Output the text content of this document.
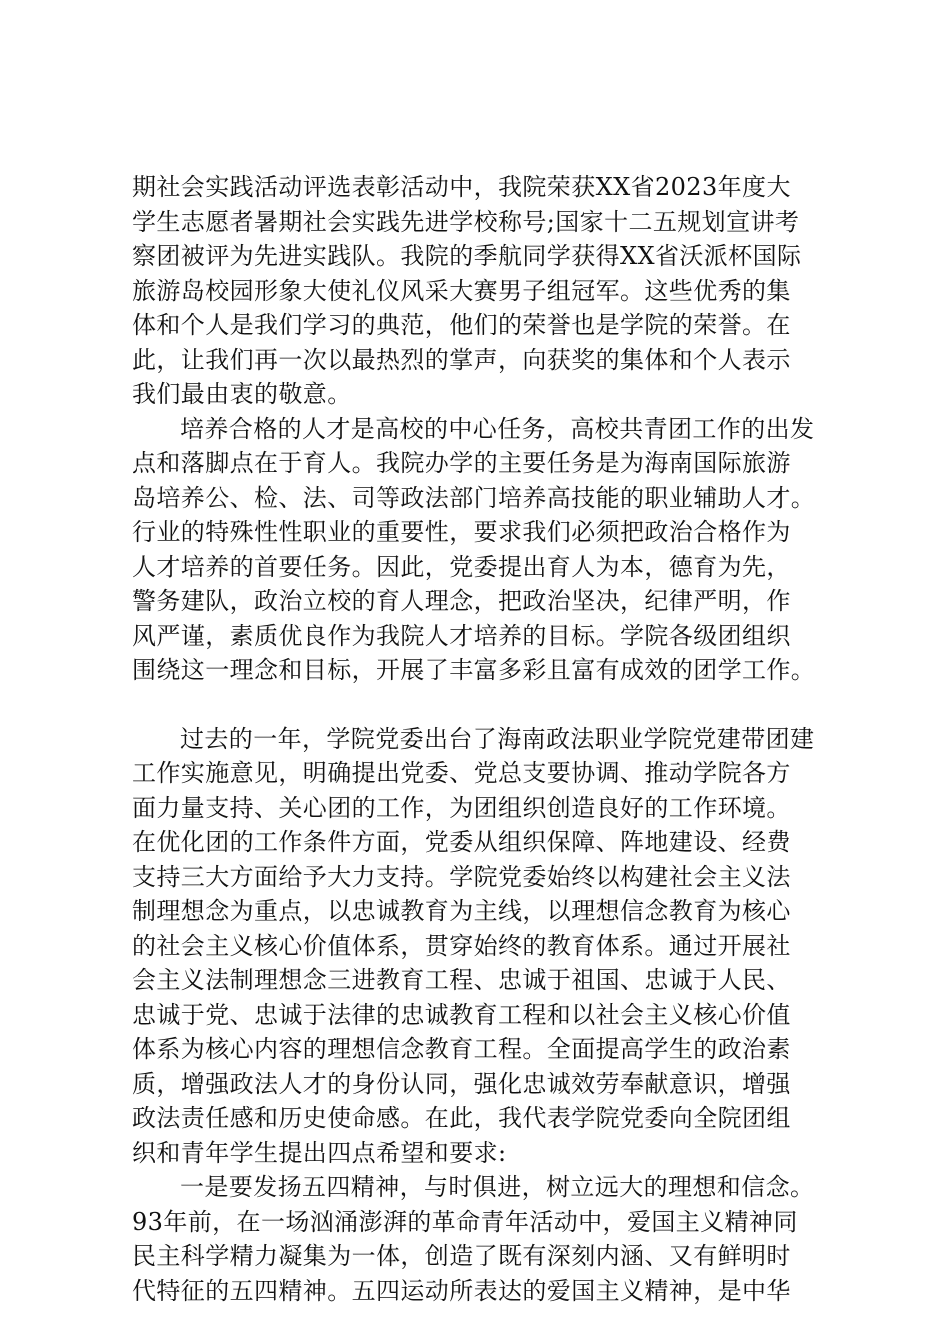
期社会实践活动评选表彰活动中，我院荣获XX省2023年度大
学生志愿者暑期社会实践先进学校称号;国家十二五规划宣讲考
察团被评为先进实践队。我院的季航同学获得XX省沃派杯国际
旅游岛校园形象大使礼仪风采大赛男子组冠军。这些优秀的集
体和个人是我们学习的典范，他们的荣誉也是学院的荣誉。在
此，让我们再一次以最热烈的掌声，向获奖的集体和个人表示
我们最由衷的敬意。
培养合格的人才是高校的中心任务，高校共青团工作的出发
点和落脚点在于育人。我院办学的主要任务是为海南国际旅游
岛培养公、检、法、司等政法部门培养高技能的职业辅助人才。
行业的特殊性性职业的重要性，要求我们必须把政治合格作为
人才培养的首要任务。因此，党委提出育人为本，德育为先，
警务建队，政治立校的育人理念，把政治坚决，纪律严明，作
风严谨，素质优良作为我院人才培养的目标。学院各级团组织
围绕这一理念和目标，开展了丰富多彩且富有成效的团学工作。
过去的一年，学院党委出台了海南政法职业学院党建带团建
工作实施意见，明确提出党委、党总支要协调、推动学院各方
面力量支持、关心团的工作，为团组织创造良好的工作环境。
在优化团的工作条件方面，党委从组织保障、阵地建设、经费
支持三大方面给予大力支持。学院党委始终以构建社会主义法
制理想念为重点，以忠诚教育为主线，以理想信念教育为核心
的社会主义核心价值体系，贯穿始终的教育体系。通过开展社
会主义法制理想念三进教育工程、忠诚于祖国、忠诚于人民、
忠诚于党、忠诚于法律的忠诚教育工程和以社会主义核心价值
体系为核心内容的理想信念教育工程。全面提高学生的政治素
质，增强政法人才的身份认同，强化忠诚效劳奉献意识，增强
政法责任感和历史使命感。在此，我代表学院党委向全院团组
织和青年学生提出四点希望和要求:
一是要发扬五四精神，与时俱进，树立远大的理想和信念。
93年前，在一场汹涌澎湃的革命青年活动中，爱国主义精神同
民主科学精力凝集为一体，创造了既有深刻内涵、又有鲜明时
代特征的五四精神。五四运动所表达的爱国主义精神，是中华
